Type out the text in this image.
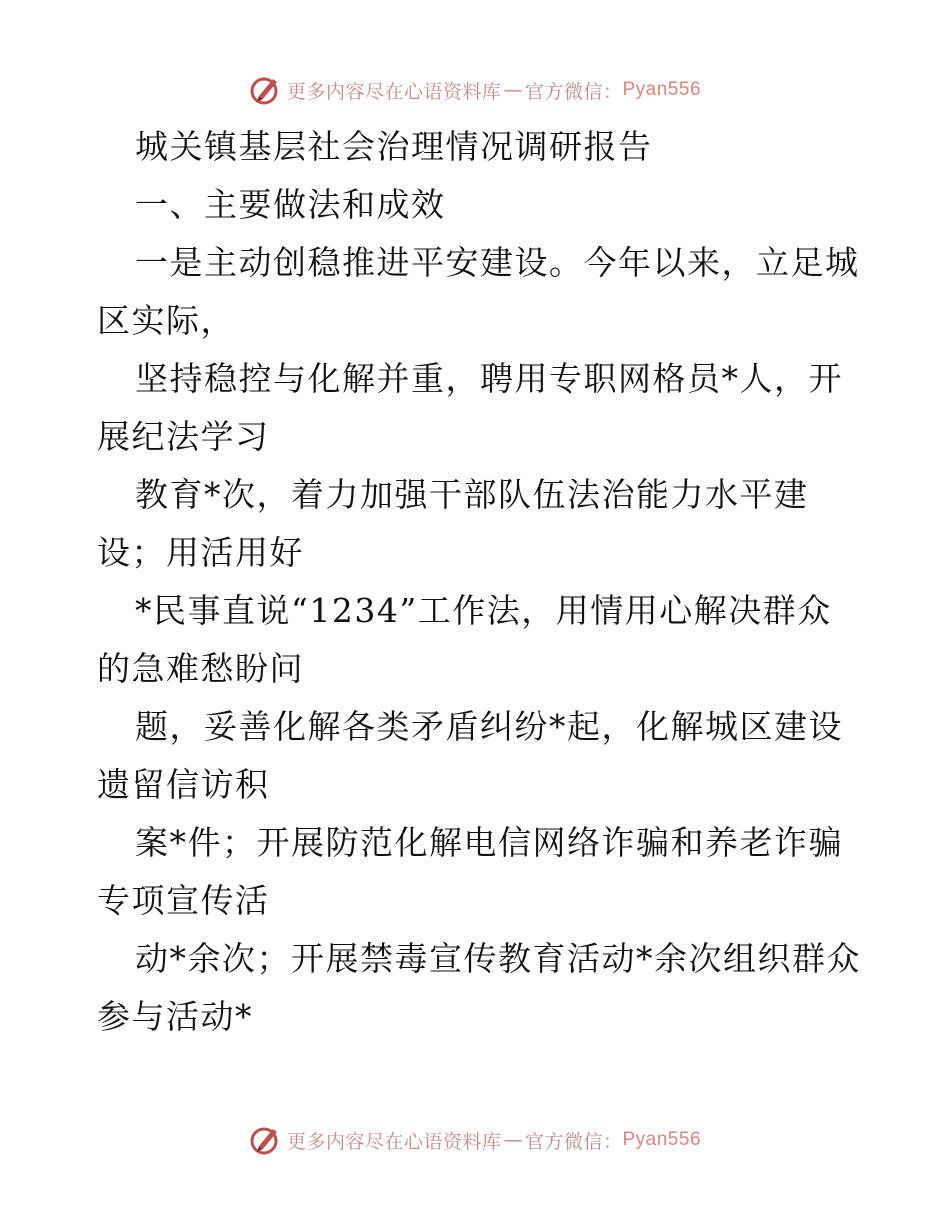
更多内容尽在心语资料库 — 官方微信： Pyan556
城关镇基层社会治理情况调研报告
一、主要做法和成效
一是主动创稳推进平安建设。今年以来，立足城
区实际，
坚持稳控与化解并重，聘用专职网格员*人，开
展纪法学习
教育*次，着力加强干部队伍法治能力水平建
设；用活用好
*民事直说“1234”工作法，用情用心解决群众
的急难愁盼问
题，妥善化解各类矛盾纠纷*起，化解城区建设
遗留信访积
案*件；开展防范化解电信网络诈骗和养老诈骗
专项宣传活
动*余次；开展禁毒宣传教育活动*余次组织群众
参与活动*
更多内容尽在心语资料库 — 官方微信： Pyan556
